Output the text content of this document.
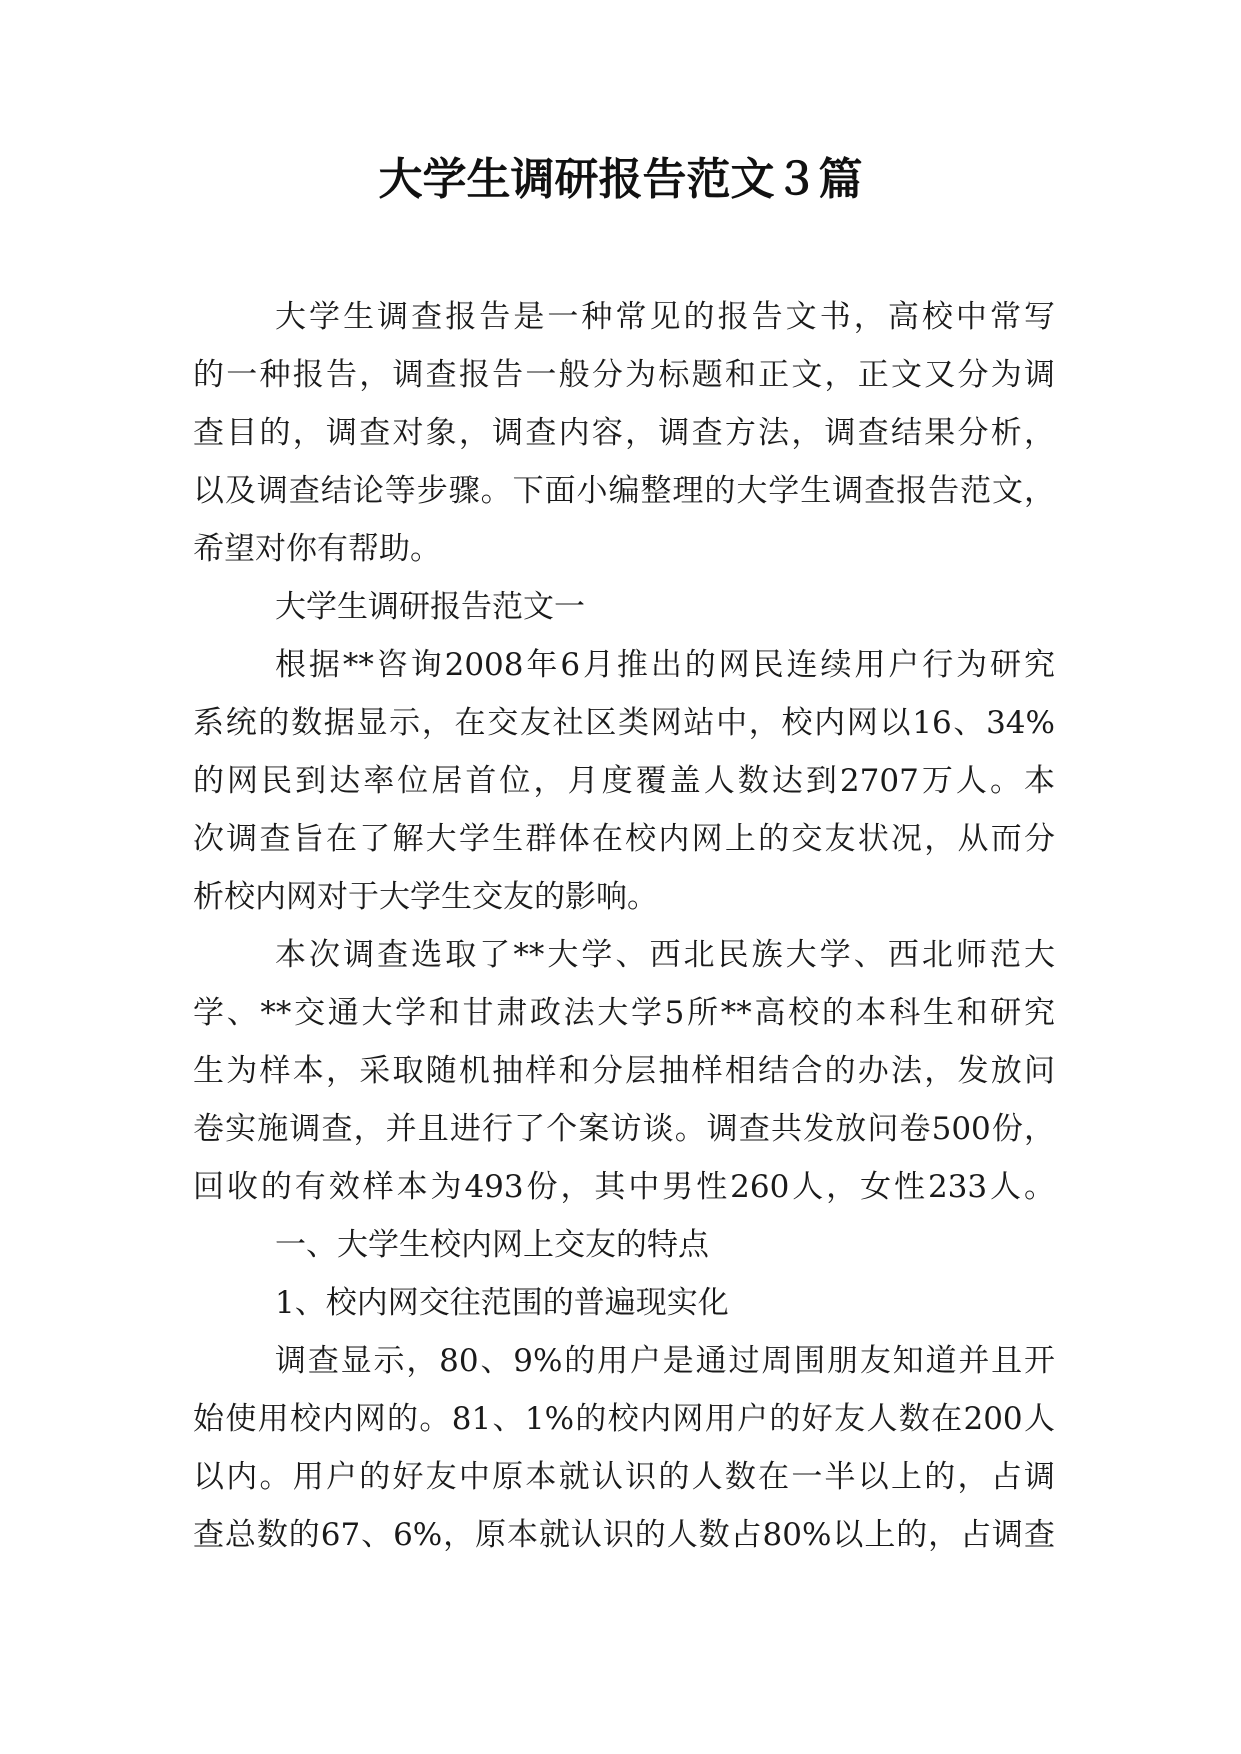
大学生调研报告范文３篇
大学生调查报告是一种常见的报告文书，高校中常写
的一种报告，调查报告一般分为标题和正文，正文又分为调
查目的，调查对象，调查内容，调查方法，调查结果分析，
以及调查结论等步骤。下面小编整理的大学生调查报告范文，
希望对你有帮助。
大学生调研报告范文一
根据**咨询2008年6月推出的网民连续用户行为研究
系统的数据显示，在交友社区类网站中，校内网以16、34%
的网民到达率位居首位，月度覆盖人数达到2707万人。本
次调查旨在了解大学生群体在校内网上的交友状况，从而分
析校内网对于大学生交友的影响。
本次调查选取了**大学、西北民族大学、西北师范大
学、**交通大学和甘肃政法大学5所**高校的本科生和研究
生为样本，采取随机抽样和分层抽样相结合的办法，发放问
卷实施调查，并且进行了个案访谈。调查共发放问卷500份，
回收的有效样本为493份，其中男性260人，女性233人。
一、大学生校内网上交友的特点
1、校内网交往范围的普遍现实化
调查显示，80、9%的用户是通过周围朋友知道并且开
始使用校内网的。81、1%的校内网用户的好友人数在200人
以内。用户的好友中原本就认识的人数在一半以上的，占调
查总数的67、6%，原本就认识的人数占80%以上的，占调查
